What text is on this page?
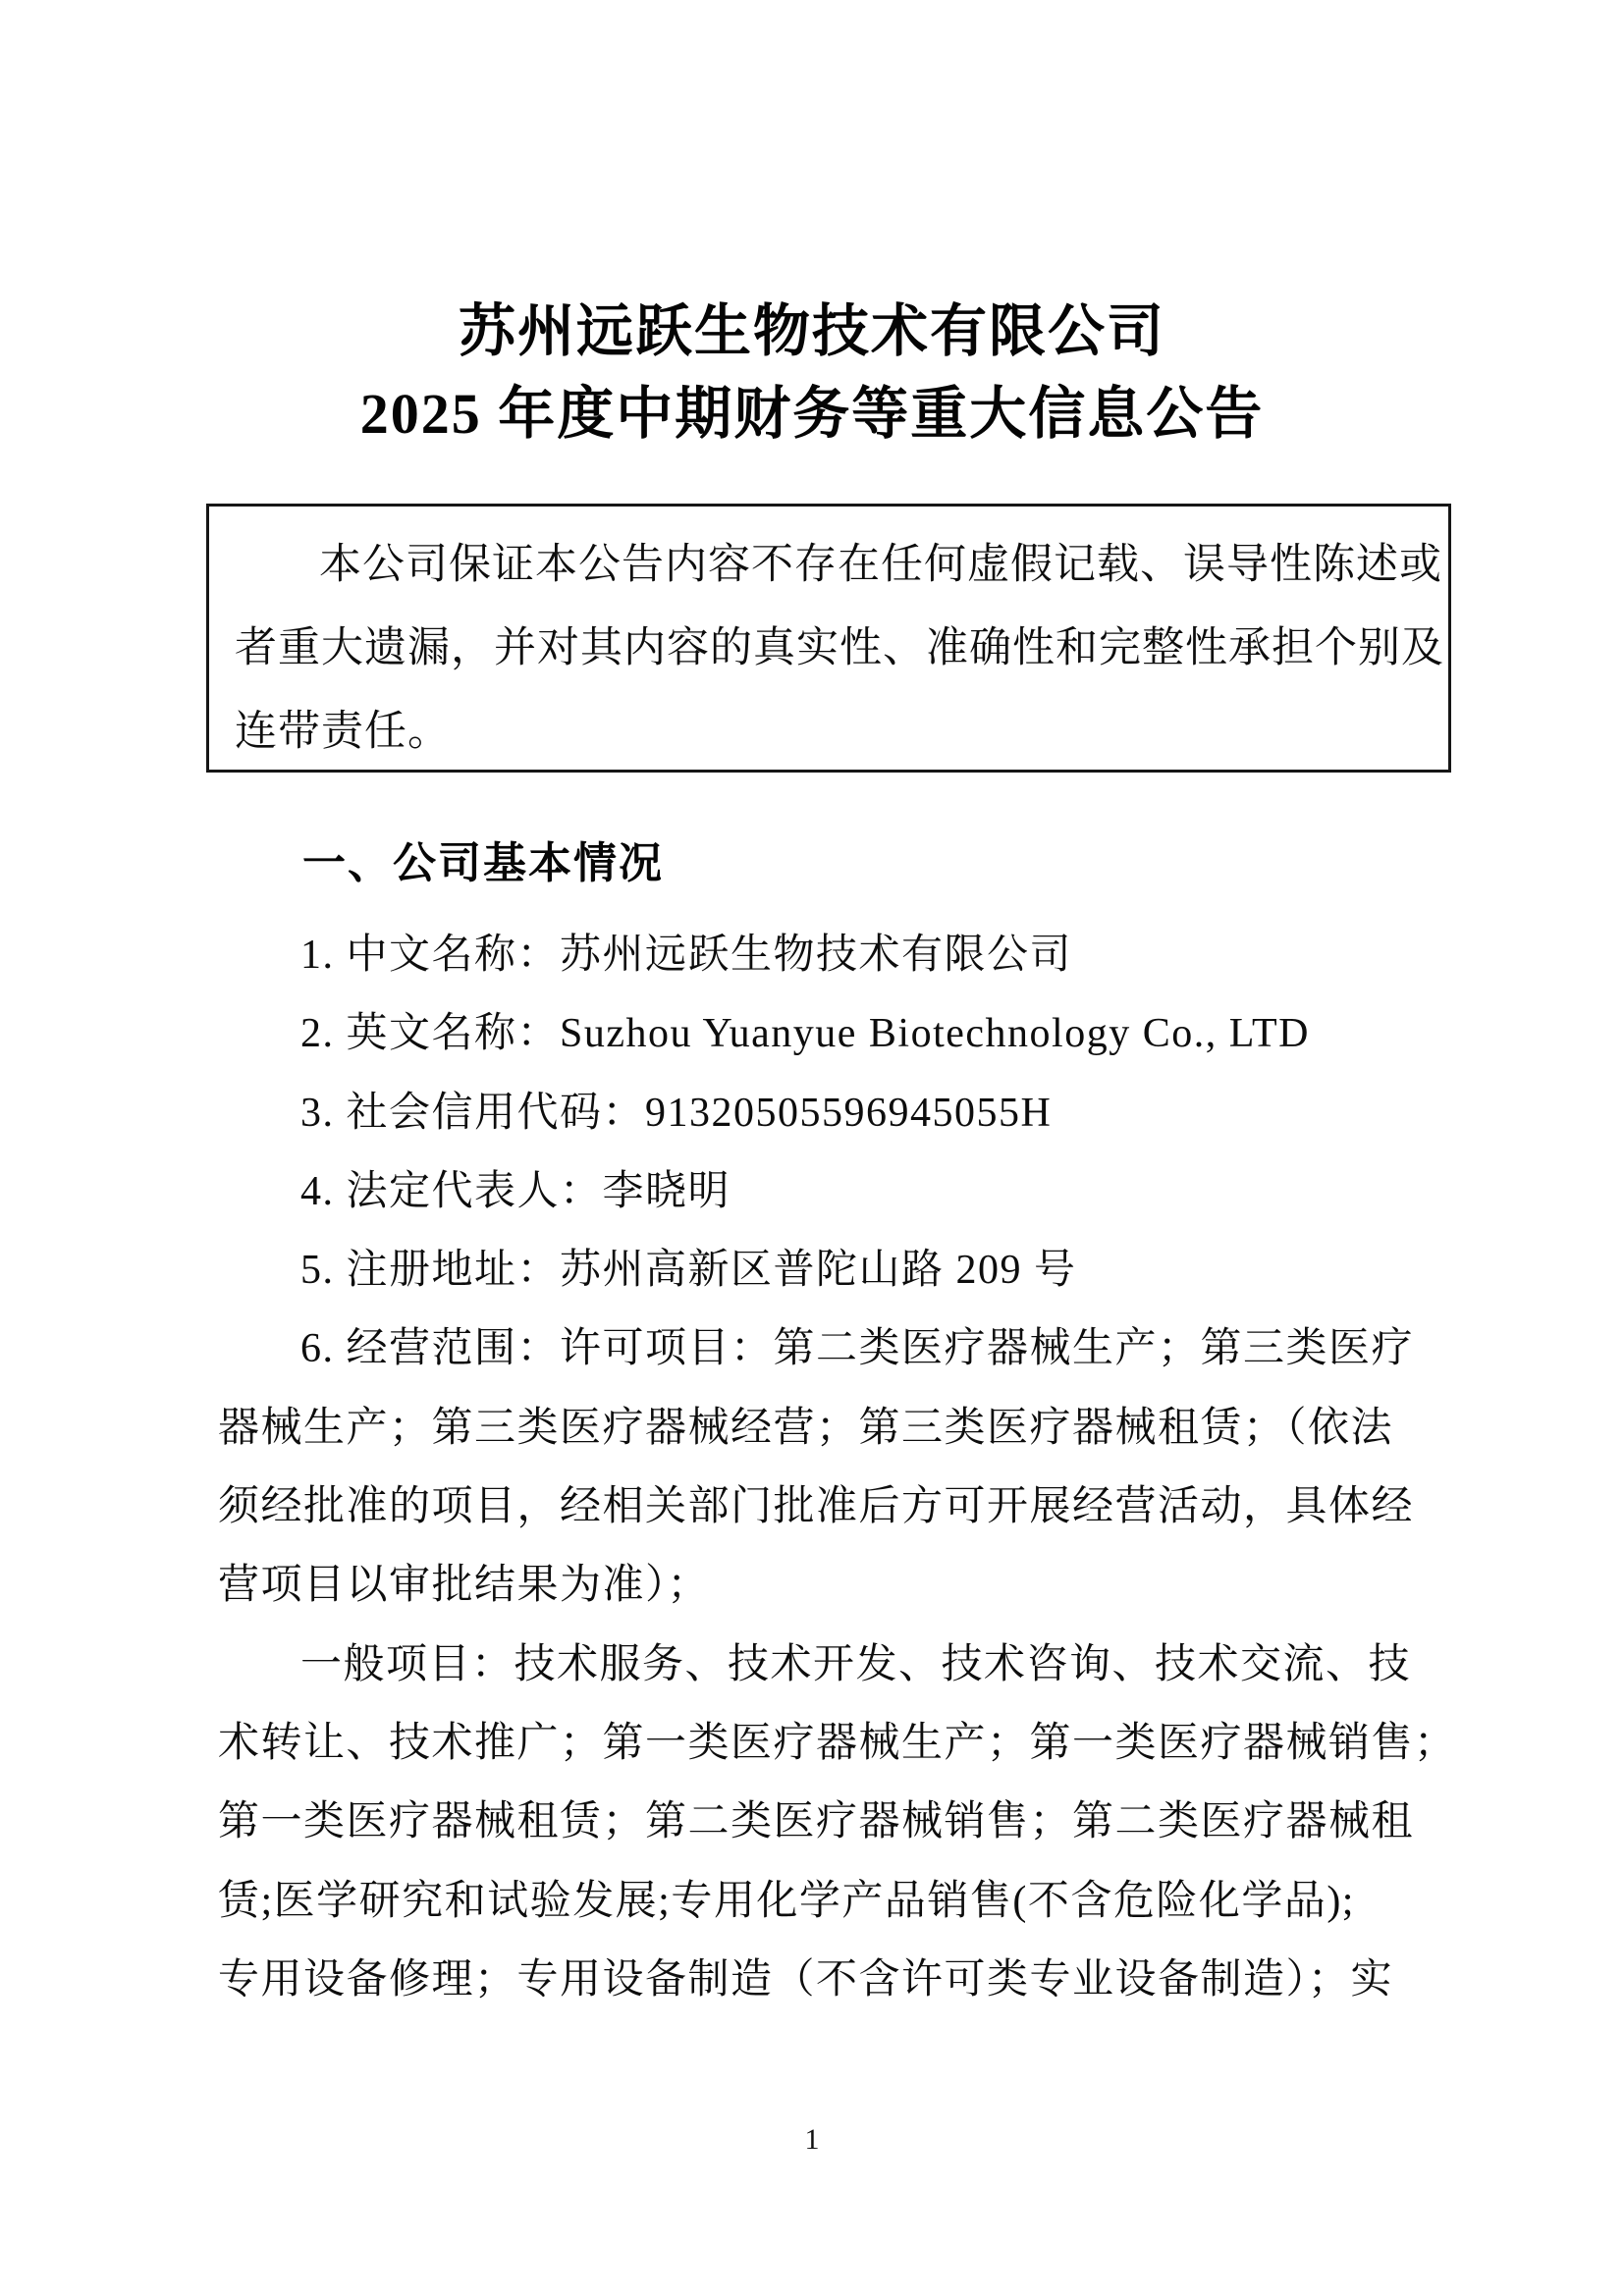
苏州远跃生物技术有限公司
2025 年度中期财务等重大信息公告
本公司保证本公告内容不存在任何虚假记载、误导性陈述或
者重大遗漏，并对其内容的真实性、准确性和完整性承担个别及
连带责任。
一、公司基本情况
1. 中文名称：苏州远跃生物技术有限公司
2. 英文名称：Suzhou Yuanyue Biotechnology Co., LTD
3. 社会信用代码：91320505596945055H
4. 法定代表人：李晓明
5. 注册地址：苏州高新区普陀山路 209 号
6. 经营范围：许可项目：第二类医疗器械生产；第三类医疗
器械生产；第三类医疗器械经营；第三类医疗器械租赁；（依法
须经批准的项目，经相关部门批准后方可开展经营活动，具体经
营项目以审批结果为准）；
一般项目：技术服务、技术开发、技术咨询、技术交流、技
术转让、技术推广；第一类医疗器械生产；第一类医疗器械销售；
第一类医疗器械租赁；第二类医疗器械销售；第二类医疗器械租
赁;医学研究和试验发展;专用化学产品销售(不含危险化学品);
专用设备修理；专用设备制造（不含许可类专业设备制造）；实
1
